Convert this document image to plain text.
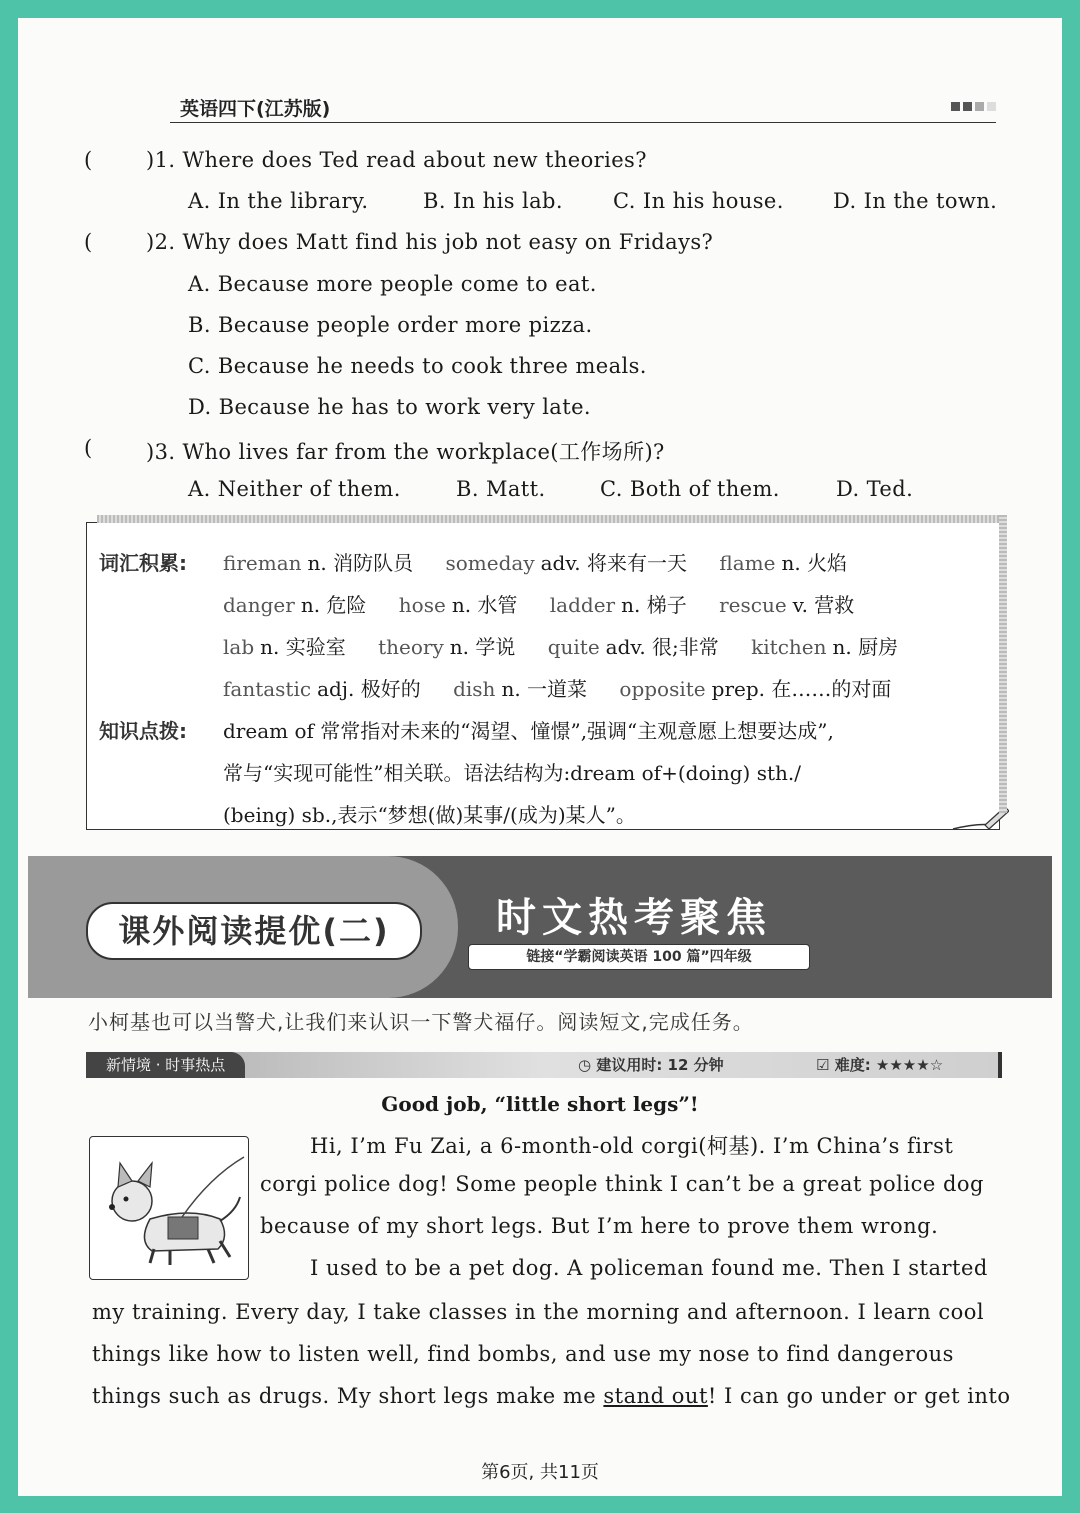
英语四下(江苏版)
(	)1. Where does Ted read about new theories?
A. In the library.	B. In his lab. C. In his house. D. In the town.
(	)2. Why does Matt find his job not easy on Fridays?
A. Because more people come to eat.
B. Because people order more pizza.
C. Because he needs to cook three meals.
D. Because he has to work very late.
(	)3. Who lives far from the workplace(工作场所)?
A. Neither of them.	B. Matt.	C. Both of them.	D. Ted.
词汇积累: fireman n. 消防队员 someday adv. 将来有一天 flame n. 火焰
danger n. 危险 hose n. 水管 ladder n. 梯子 rescue v. 营救
lab n. 实验室 theory n. 学说 quite adv. 很;非常 kitchen n. 厨房
fantastic adj. 极好的 dish n. 一道菜 opposite prep. 在……的对面
知识点拨: dream of 常常指对未来的“渴望、憧憬”,强调“主观意愿上想要达成”,
常与“实现可能性”相关联。语法结构为:dream of+(doing) sth./
(being) sb.,表示“梦想(做)某事/(成为)某人”。
课外阅读提优(二)	时文热考聚焦
链接“学霸阅读英语 100 篇”四年级
小柯基也可以当警犬,让我们来认识一下警犬福仔。阅读短文,完成任务。
新情境 · 时事热点	◷ 建议用时: 12 分钟	☑ 难度: ★★★★☆
Good job, “little short legs”!
Hi, I’m Fu Zai, a 6-month-old corgi(柯基). I’m China’s first
corgi police dog! Some people think I can’t be a great police dog
because of my short legs. But I’m here to prove them wrong.
I used to be a pet dog. A policeman found me. Then I started
my training. Every day, I take classes in the morning and afternoon. I learn cool
things like how to listen well, find bombs, and use my nose to find dangerous
things such as drugs. My short legs make me stand out! I can go under or get into
第6页, 共11页
